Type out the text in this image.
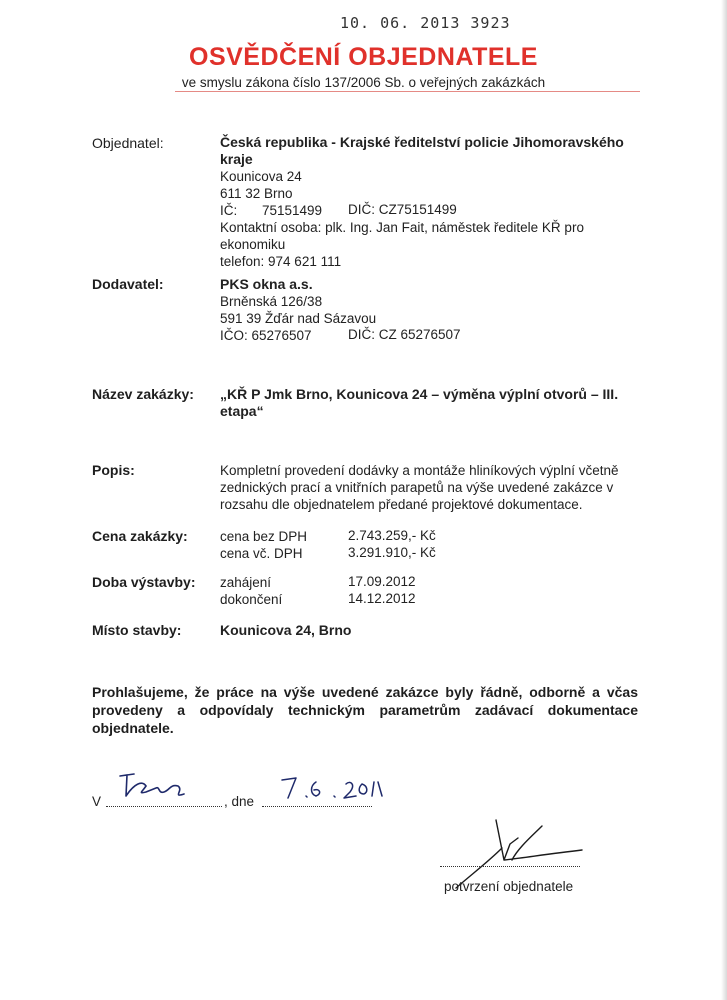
10. 06. 2013 3923
OSVĚDČENÍ OBJEDNATELE
ve smyslu zákona číslo 137/2006 Sb. o veřejných zakázkách
Objednatel:	Česká republika - Krajské ředitelství policie Jihomoravského
kraje
Kounicova 24
611 32 Brno
IČ: 75151499 DIČ: CZ75151499
Kontaktní osoba: plk. Ing. Jan Fait, náměstek ředitele KŘ pro
ekonomiku
telefon: 974 621 111
Dodavatel:	PKS okna a.s.
Brněnská 126/38
591 39 Žďár nad Sázavou
IČO: 65276507	DIČ: CZ 65276507
Název zakázky: „KŘ P Jmk Brno, Kounicova 24 – výměna výplní otvorů – III.
etapa“
Popis:	Kompletní provedení dodávky a montáže hliníkových výplní včetně
zednických prací a vnitřních parapetů na výše uvedené zakázce v
rozsahu dle objednatelem předané projektové dokumentace.
Cena zakázky: cena bez DPH	2.743.259,- Kč
cena vč. DPH	3.291.910,- Kč
Doba výstavby: zahájení	17.09.2012
dokončení	14.12.2012
Místo stavby:	Kounicova 24, Brno
Prohlašujeme, že práce na výše uvedené zakázce byly řádně, odborně a včas provedeny a odpovídaly technickým parametrům zadávací dokumentace objednatele.
V	, dne
potvrzení objednatele
